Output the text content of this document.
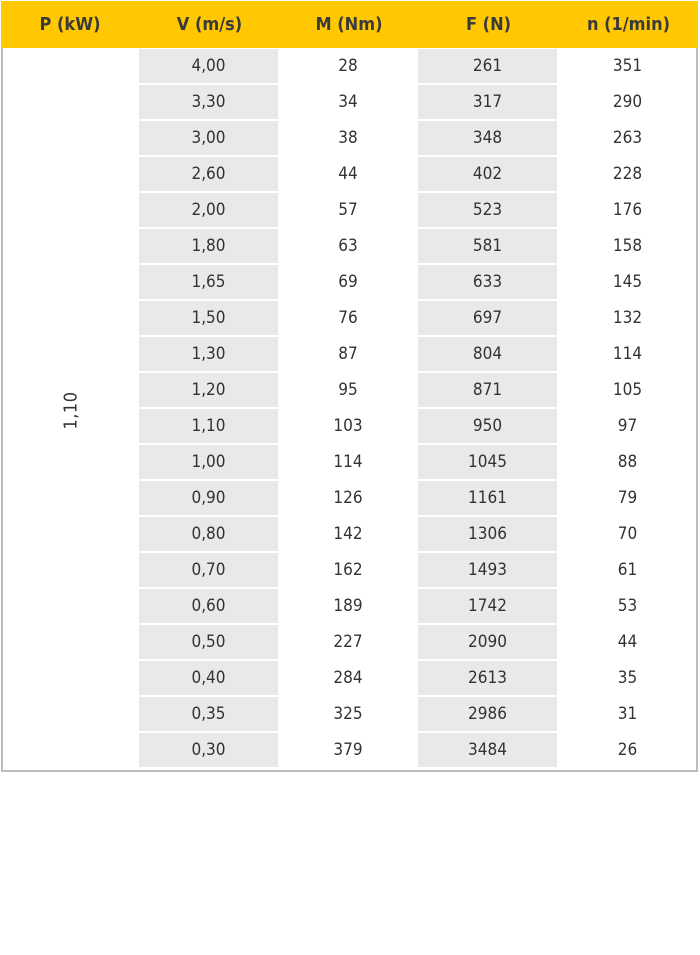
P (kW)	V (m/s)	M (Nm)	F (N)	n (1/min)
1,10
4,00	28	261	351
3,30	34	317	290
3,00	38	348	263
2,60	44	402	228
2,00	57	523	176
1,80	63	581	158
1,65	69	633	145
1,50	76	697	132
1,30	87	804	114
1,20	95	871	105
1,10	103	950	97
1,00	114	1045	88
0,90	126	1161	79
0,80	142	1306	70
0,70	162	1493	61
0,60	189	1742	53
0,50	227	2090	44
0,40	284	2613	35
0,35	325	2986	31
0,30	379	3484	26
